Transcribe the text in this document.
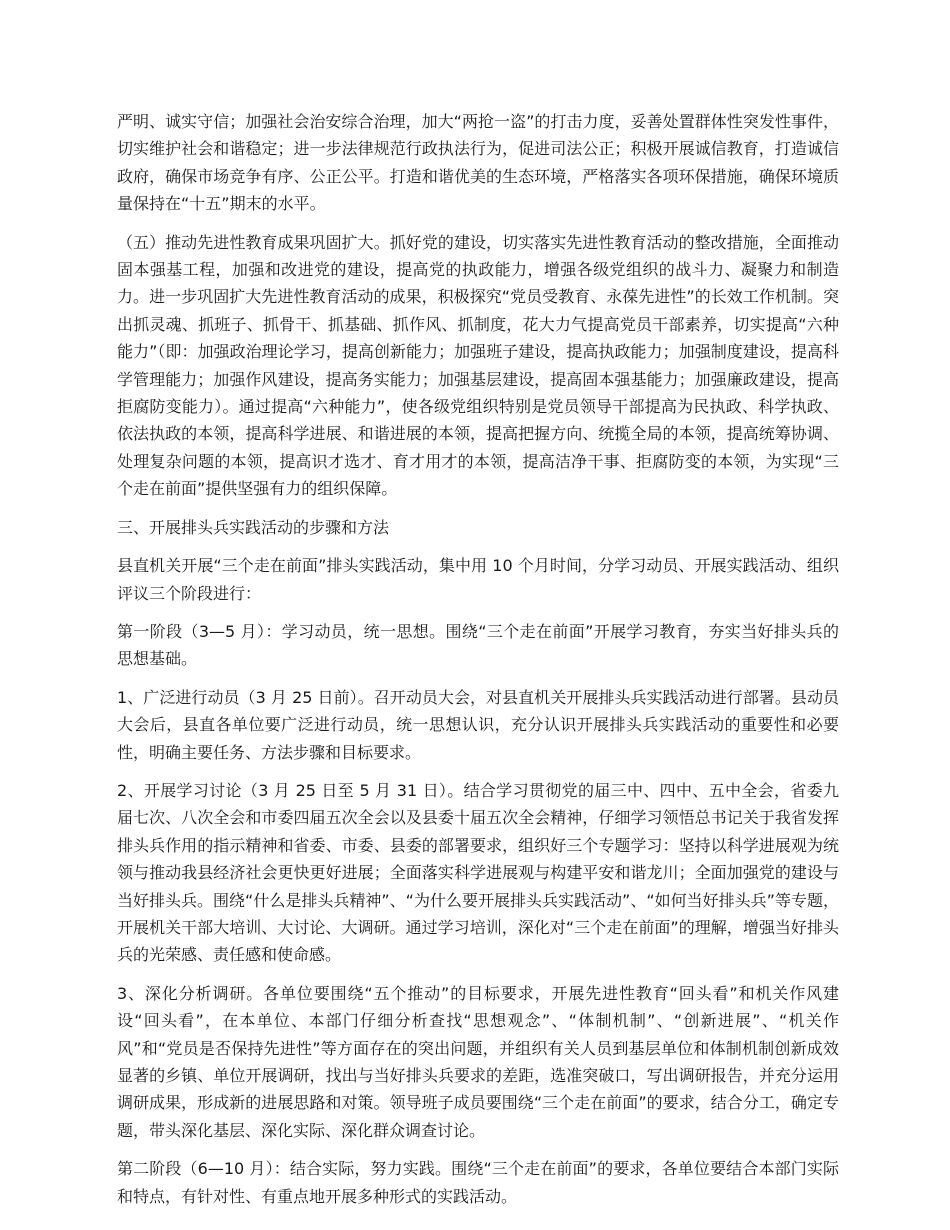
严明、诚实守信；加强社会治安综合治理，加大“两抢一盗”的打击力度，妥善处置群体性突发性事件，切实维护社会和谐稳定；进一步法律规范行政执法行为，促进司法公正；积极开展诚信教育，打造诚信政府，确保市场竞争有序、公正公平。打造和谐优美的生态环境，严格落实各项环保措施，确保环境质量保持在“十五”期末的水平。

（五）推动先进性教育成果巩固扩大。抓好党的建设，切实落实先进性教育活动的整改措施，全面推动固本强基工程，加强和改进党的建设，提高党的执政能力，增强各级党组织的战斗力、凝聚力和制造力。进一步巩固扩大先进性教育活动的成果，积极探究“党员受教育、永葆先进性”的长效工作机制。突出抓灵魂、抓班子、抓骨干、抓基础、抓作风、抓制度，花大力气提高党员干部素养，切实提高“六种能力”（即：加强政治理论学习，提高创新能力；加强班子建设，提高执政能力；加强制度建设，提高科学管理能力；加强作风建设，提高务实能力；加强基层建设，提高固本强基能力；加强廉政建设，提高拒腐防变能力）。通过提高“六种能力”，使各级党组织特别是党员领导干部提高为民执政、科学执政、依法执政的本领，提高科学进展、和谐进展的本领，提高把握方向、统揽全局的本领，提高统筹协调、处理复杂问题的本领，提高识才选才、育才用才的本领，提高洁净干事、拒腐防变的本领，为实现“三个走在前面”提供坚强有力的组织保障。

三、开展排头兵实践活动的步骤和方法

县直机关开展“三个走在前面”排头实践活动，集中用 10 个月时间，分学习动员、开展实践活动、组织评议三个阶段进行：

第一阶段（3—5 月）：学习动员，统一思想。围绕“三个走在前面”开展学习教育，夯实当好排头兵的思想基础。

1、广泛进行动员（3 月 25 日前）。召开动员大会，对县直机关开展排头兵实践活动进行部署。县动员大会后，县直各单位要广泛进行动员，统一思想认识，充分认识开展排头兵实践活动的重要性和必要性，明确主要任务、方法步骤和目标要求。

2、开展学习讨论（3 月 25 日至 5 月 31 日）。结合学习贯彻党的届三中、四中、五中全会，省委九届七次、八次全会和市委四届五次全会以及县委十届五次全会精神，仔细学习领悟总书记关于我省发挥排头兵作用的指示精神和省委、市委、县委的部署要求，组织好三个专题学习：坚持以科学进展观为统领与推动我县经济社会更快更好进展；全面落实科学进展观与构建平安和谐龙川；全面加强党的建设与当好排头兵。围绕“什么是排头兵精神”、“为什么要开展排头兵实践活动”、“如何当好排头兵”等专题，开展机关干部大培训、大讨论、大调研。通过学习培训，深化对“三个走在前面”的理解，增强当好排头兵的光荣感、责任感和使命感。

3、深化分析调研。各单位要围绕“五个推动”的目标要求，开展先进性教育“回头看”和机关作风建设“回头看”，在本单位、本部门仔细分析查找“思想观念”、“体制机制”、“创新进展”、“机关作风”和“党员是否保持先进性”等方面存在的突出问题，并组织有关人员到基层单位和体制机制创新成效显著的乡镇、单位开展调研，找出与当好排头兵要求的差距，选准突破口，写出调研报告，并充分运用调研成果，形成新的进展思路和对策。领导班子成员要围绕“三个走在前面”的要求，结合分工，确定专题，带头深化基层、深化实际、深化群众调查讨论。

第二阶段（6—10 月）：结合实际，努力实践。围绕“三个走在前面”的要求，各单位要结合本部门实际和特点，有针对性、有重点地开展多种形式的实践活动。
